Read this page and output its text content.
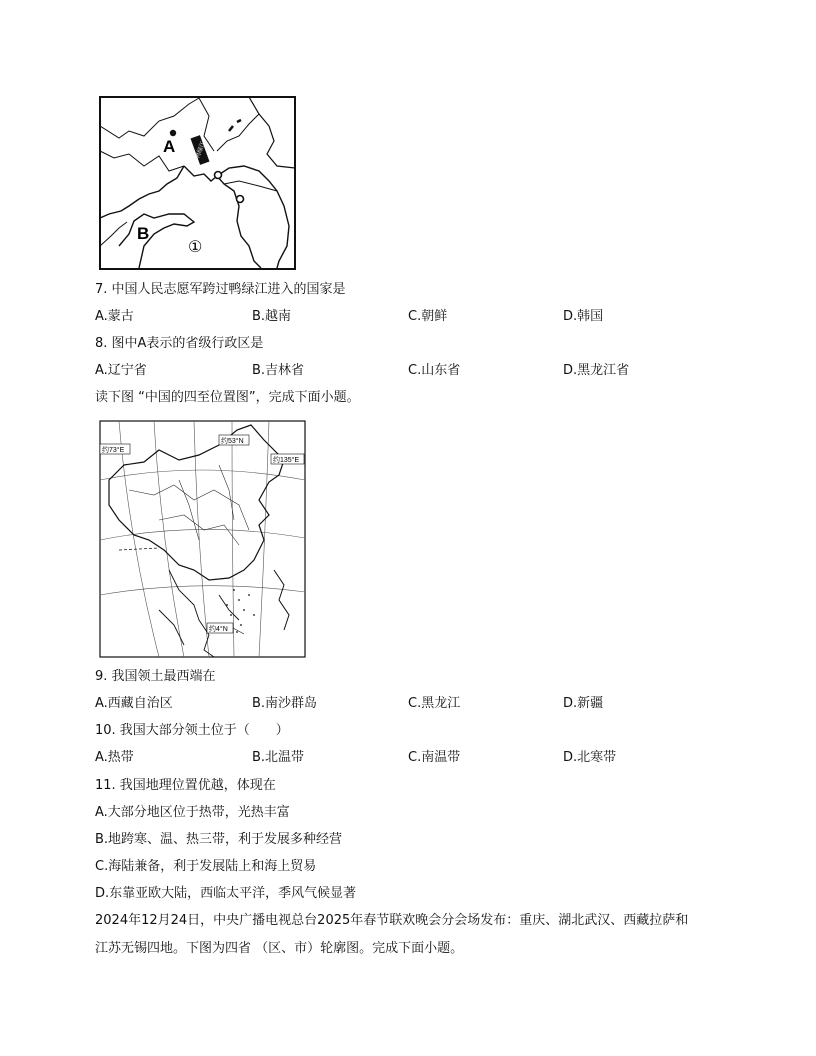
鸭绿江
A
B
①
7. 中国人民志愿军跨过鸭绿江进入的国家是
A.蒙古	B.越南	C.朝鲜	D.韩国
8. 图中A表示的省级行政区是
A.辽宁省	B.吉林省	C.山东省	D.黑龙江省
读下图 “中国的四至位置图”，完成下面小题。
约73°E
约53°N
约135°E
约4°N
9. 我国领土最西端在
A.西藏自治区	B.南沙群岛	C.黑龙江	D.新疆
10. 我国大部分领土位于（　　）
A.热带	B.北温带	C.南温带	D.北寒带
11. 我国地理位置优越，体现在
A.大部分地区位于热带，光热丰富
B.地跨寒、温、热三带，利于发展多种经营
C.海陆兼备，利于发展陆上和海上贸易
D.东靠亚欧大陆，西临太平洋，季风气候显著
2024年12月24日，中央广播电视总台2025年春节联欢晚会分会场发布：重庆、湖北武汉、西藏拉萨和
江苏无锡四地。下图为四省 （区、市）轮廓图。完成下面小题。
